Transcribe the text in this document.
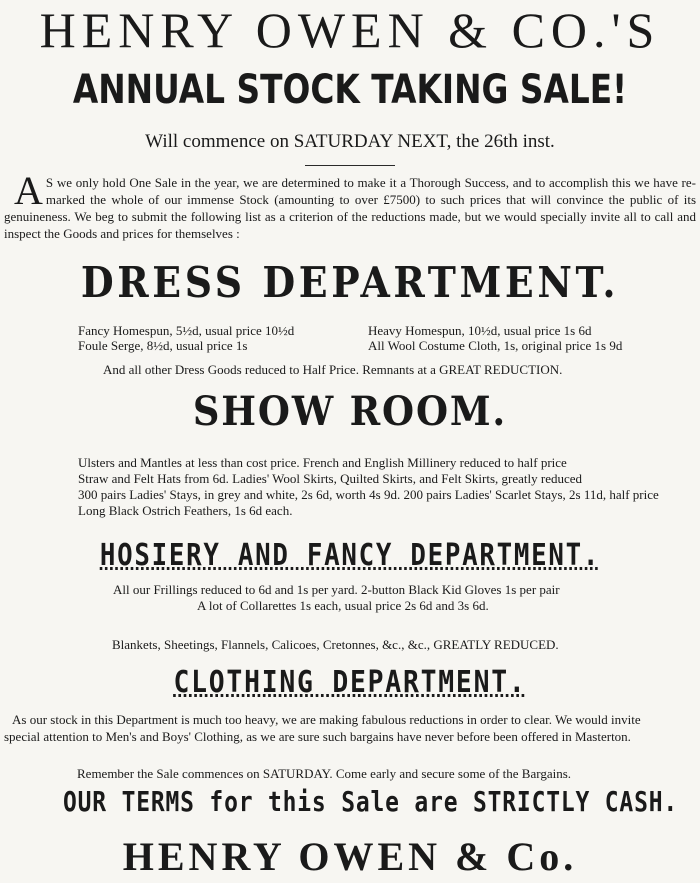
HENRY OWEN & CO.'S
ANNUAL STOCK TAKING SALE!
Will commence on SATURDAY NEXT, the 26th inst.
A S we only hold One Sale in the year, we are determined to make it a Thorough Success, and to accomplish this we have re-marked the whole of our immense Stock (amounting to over £7500) to such prices that will convince the public of its genuineness. We beg to submit the following list as a criterion of the reductions made, but we would specially invite all to call and inspect the Goods and prices for themselves :
DRESS DEPARTMENT.
Fancy Homespun, 5½d, usual price 10½d	Heavy Homespun, 10½d, usual price 1s 6d
Foule Serge, 8½d, usual price 1s	All Wool Costume Cloth, 1s, original price 1s 9d
And all other Dress Goods reduced to Half Price. Remnants at a GREAT REDUCTION.
SHOW ROOM.
Ulsters and Mantles at less than cost price. French and English Millinery reduced to half price
Straw and Felt Hats from 6d. Ladies' Wool Skirts, Quilted Skirts, and Felt Skirts, greatly reduced
300 pairs Ladies' Stays, in grey and white, 2s 6d, worth 4s 9d. 200 pairs Ladies' Scarlet Stays, 2s 11d, half price
Long Black Ostrich Feathers, 1s 6d each.
HOSIERY AND FANCY DEPARTMENT.
All our Frillings reduced to 6d and 1s per yard. 2-button Black Kid Gloves 1s per pair
A lot of Collarettes 1s each, usual price 2s 6d and 3s 6d.
Blankets, Sheetings, Flannels, Calicoes, Cretonnes, &c., &c., GREATLY REDUCED.
CLOTHING DEPARTMENT.
As our stock in this Department is much too heavy, we are making fabulous reductions in order to clear. We would invite
special attention to Men's and Boys' Clothing, as we are sure such bargains have never before been offered in Masterton.
Remember the Sale commences on SATURDAY. Come early and secure some of the Bargains.
OUR TERMS for this Sale are STRICTLY CASH.
HENRY OWEN & Co.
